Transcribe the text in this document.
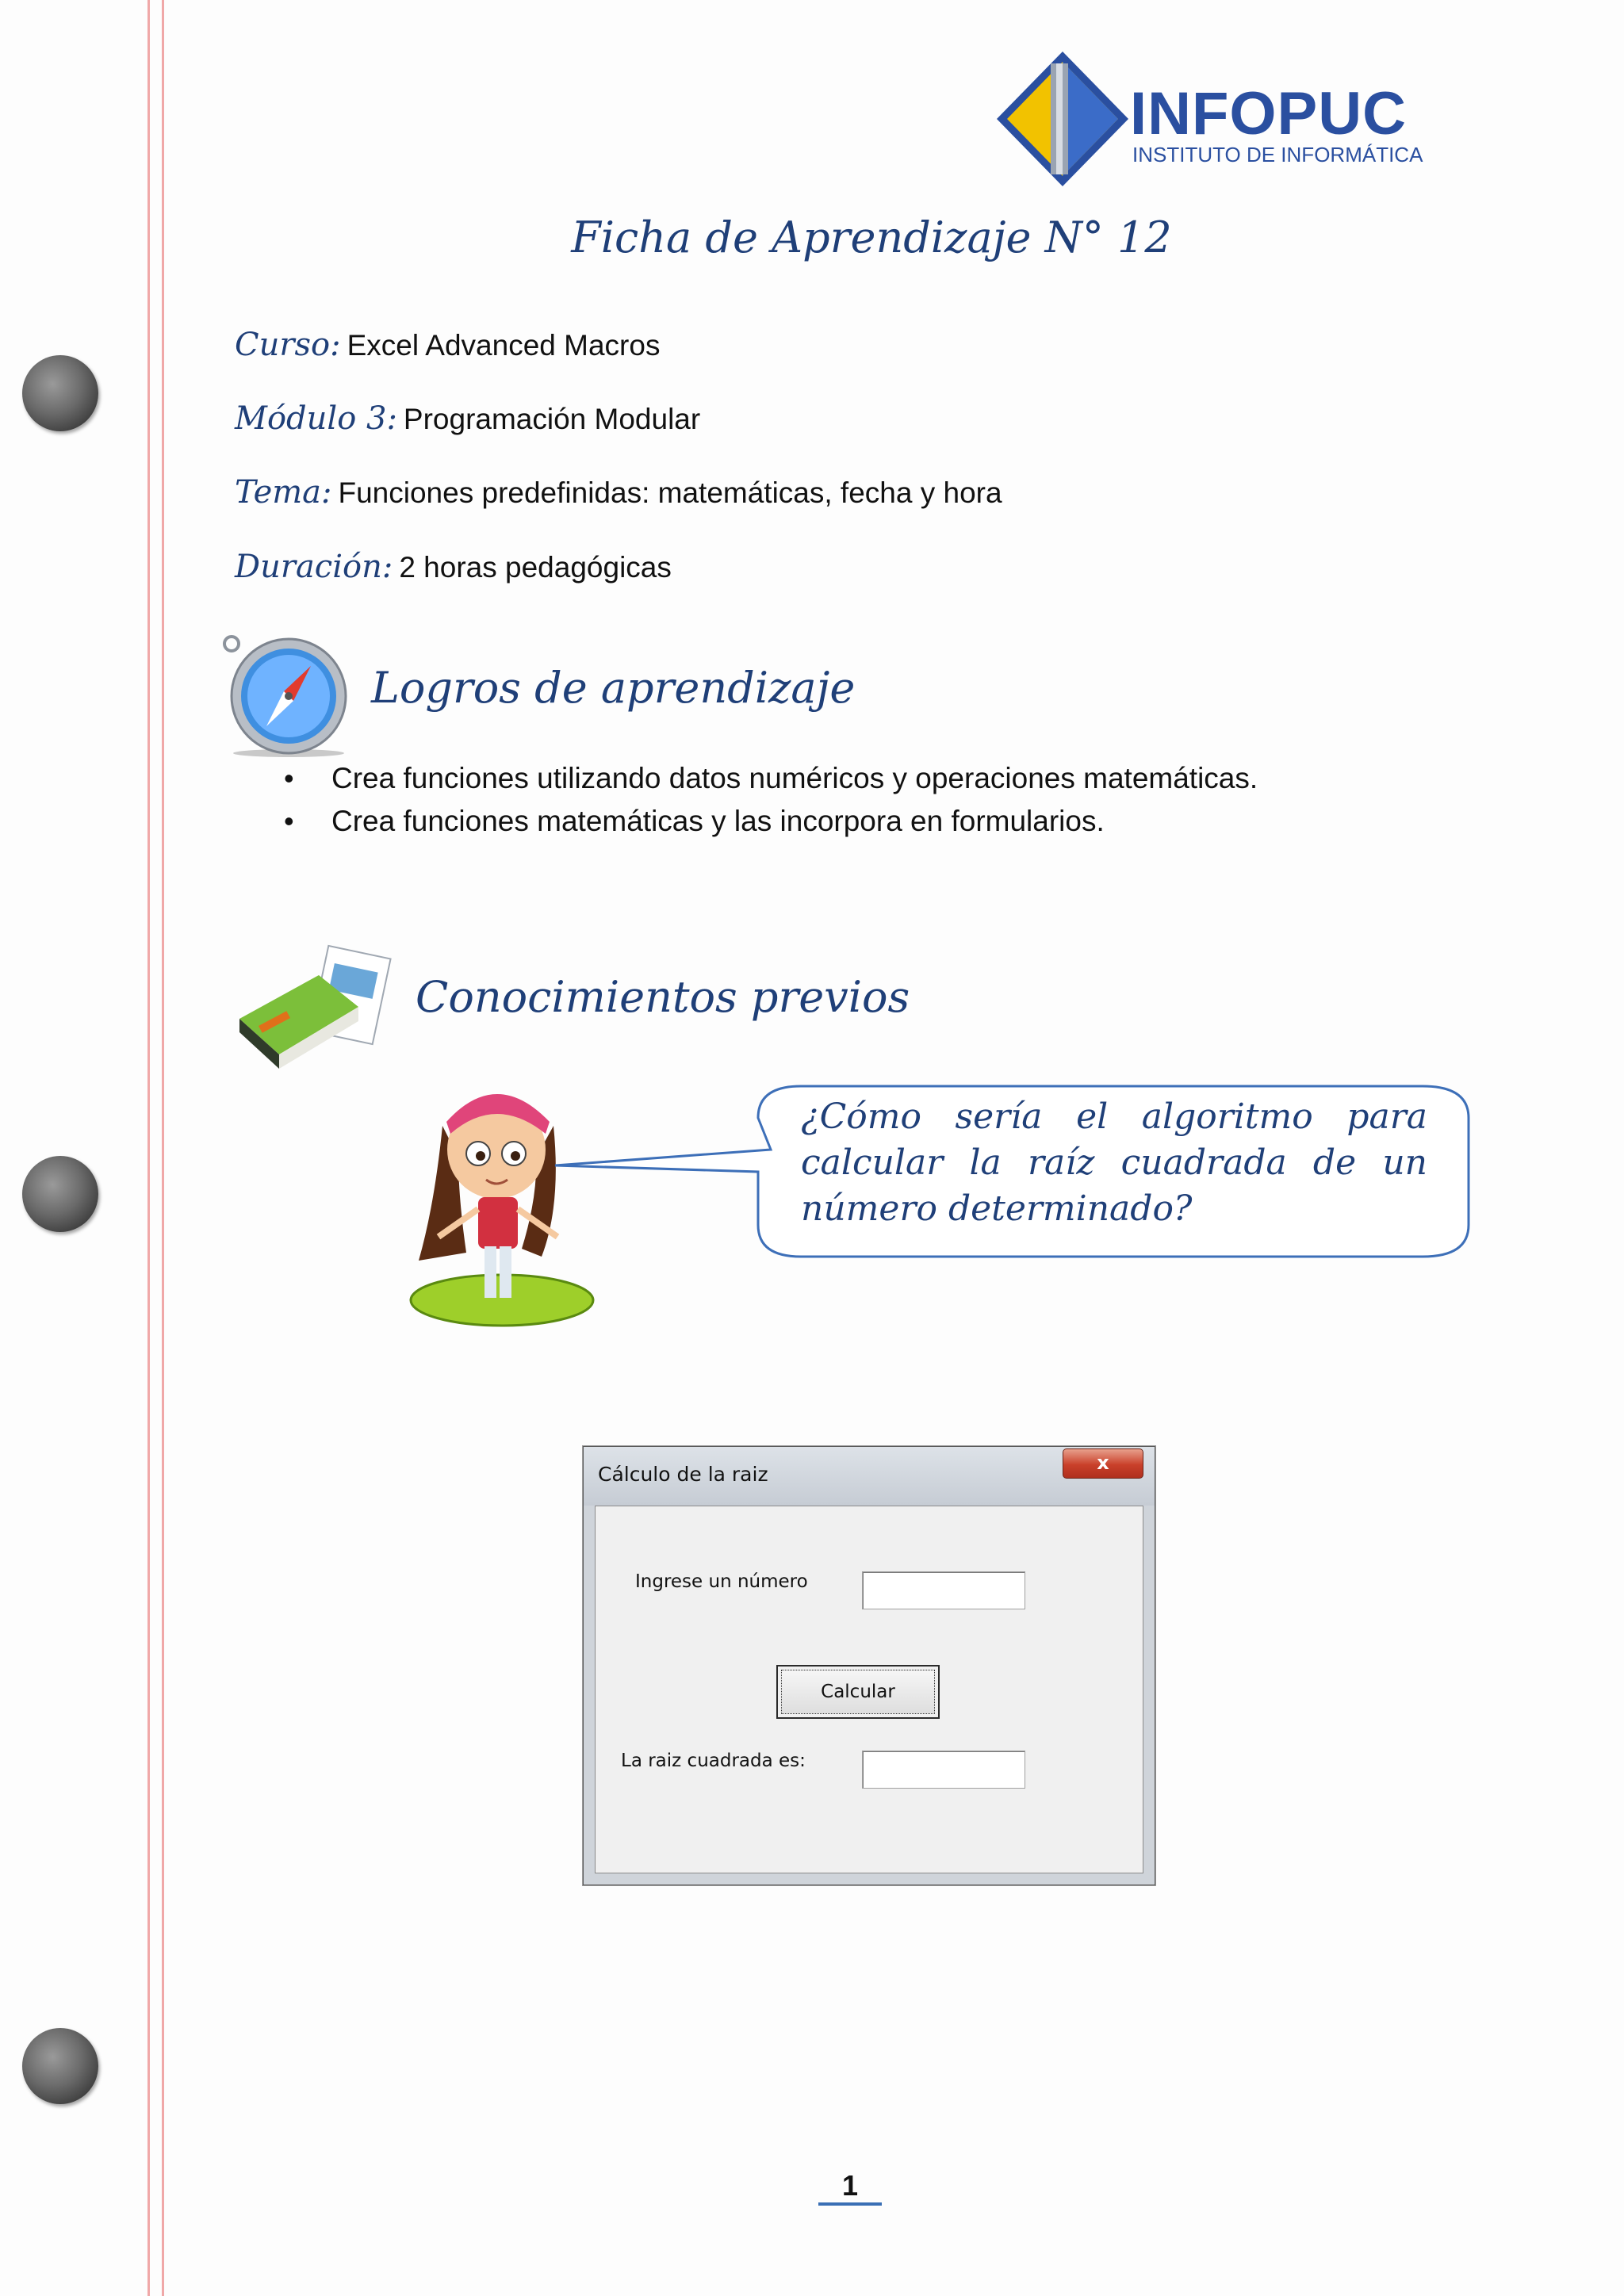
INFOPUC
INSTITUTO DE INFORMÁTICA
Ficha de Aprendizaje N° 12
Curso: Excel Advanced Macros
Módulo 3: Programación Modular
Tema: Funciones predefinidas: matemáticas, fecha y hora
Duración: 2 horas pedagógicas
Logros de aprendizaje
• Crea funciones utilizando datos numéricos y operaciones matemáticas.
• Crea funciones matemáticas y las incorpora en formularios.
Conocimientos previos
¿Cómo sería el algoritmo para calcular la raíz cuadrada de un número determinado?
Cálculo de la raiz	x
Ingrese un número
Calcular
La raiz cuadrada es:
1
